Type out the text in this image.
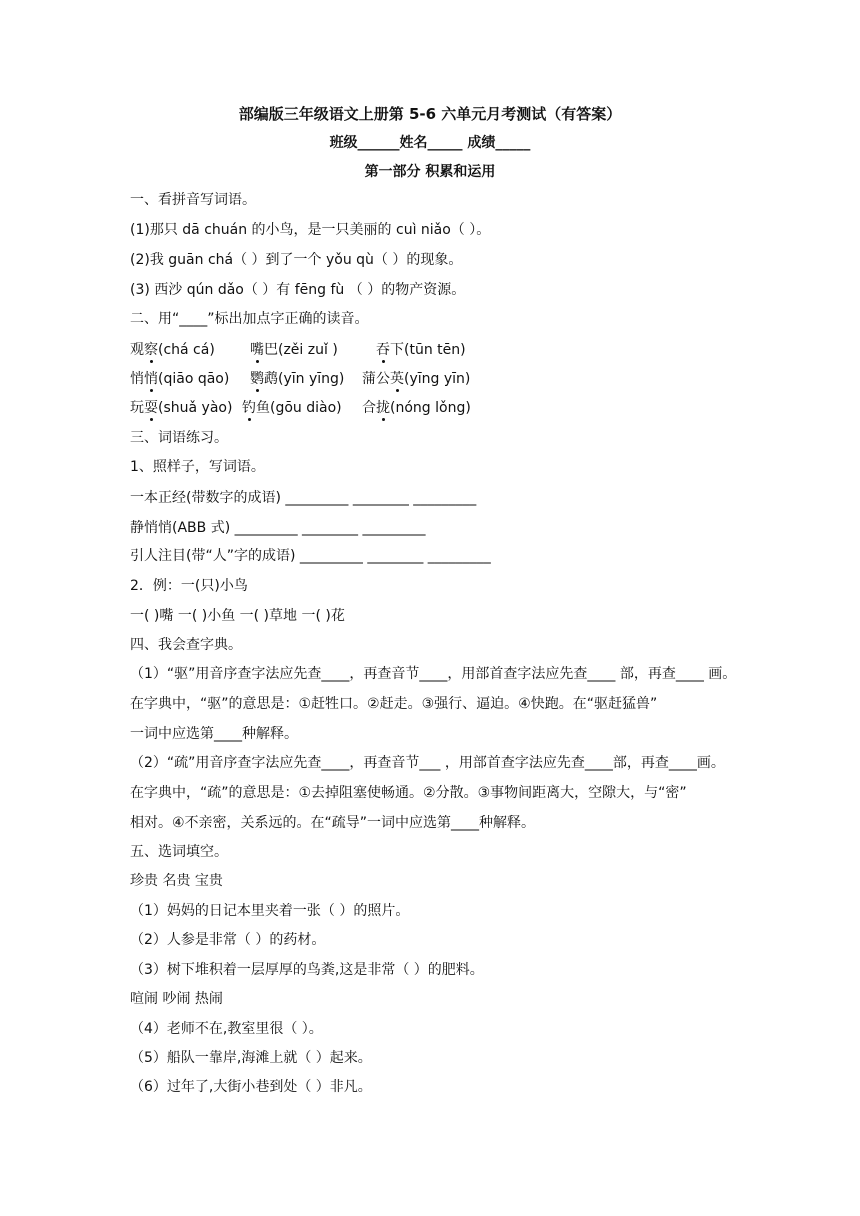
部编版三年级语文上册第 5-6 六单元月考测试（有答案）
班级______姓名_____ 成绩_____
第一部分 积累和运用
一、看拼音写词语。
(1)那只 dā chuán 的小鸟，是一只美丽的 cuì niǎo（ ）。
(2)我 guān chá（ ）到了一个 yǒu qù（ ）的现象。
(3) 西沙 qún dǎo（ ）有 fēng fù （ ）的物产资源。
二、用“____”标出加点字正确的读音。
观察(chá cá)	嘴巴(zěi zuǐ )	吞下(tūn tēn)
悄悄(qiāo qāo) 鹦鹉(yīn yīng) 蒲公英(yīng yīn)
玩耍(shuǎ yào) 钓鱼(gōu diào) 合拢(nóng lǒng)
三、词语练习。
1、照样子，写词语。
一本正经(带数字的成语) _________ ________ _________
静悄悄(ABB 式) _________ ________ _________
引人注目(带“人”字的成语) _________ ________ _________
2．例：一(只)小鸟
一( )嘴 一( )小鱼 一( )草地 一( )花
四、我会查字典。
（1）“驱”用音序查字法应先查____，再查音节____，用部首查字法应先查____ 部，再查____ 画。
在字典中，“驱”的意思是：①赶牲口。②赶走。③强行、逼迫。④快跑。在“驱赶猛兽”
一词中应选第____种解释。
（2）“疏”用音序查字法应先查____，再查音节___ ，用部首查字法应先查____部，再查____画。
在字典中，“疏”的意思是：①去掉阻塞使畅通。②分散。③事物间距离大，空隙大，与“密”
相对。④不亲密，关系远的。在“疏导”一词中应选第____种解释。
五、选词填空。
珍贵 名贵 宝贵
（1）妈妈的日记本里夹着一张（ ）的照片。
（2）人参是非常（ ）的药材。
（3）树下堆积着一层厚厚的鸟粪,这是非常（ ）的肥料。
喧闹 吵闹 热闹
（4）老师不在,教室里很（ ）。
（5）船队一靠岸,海滩上就（ ）起来。
（6）过年了,大街小巷到处（ ）非凡。
